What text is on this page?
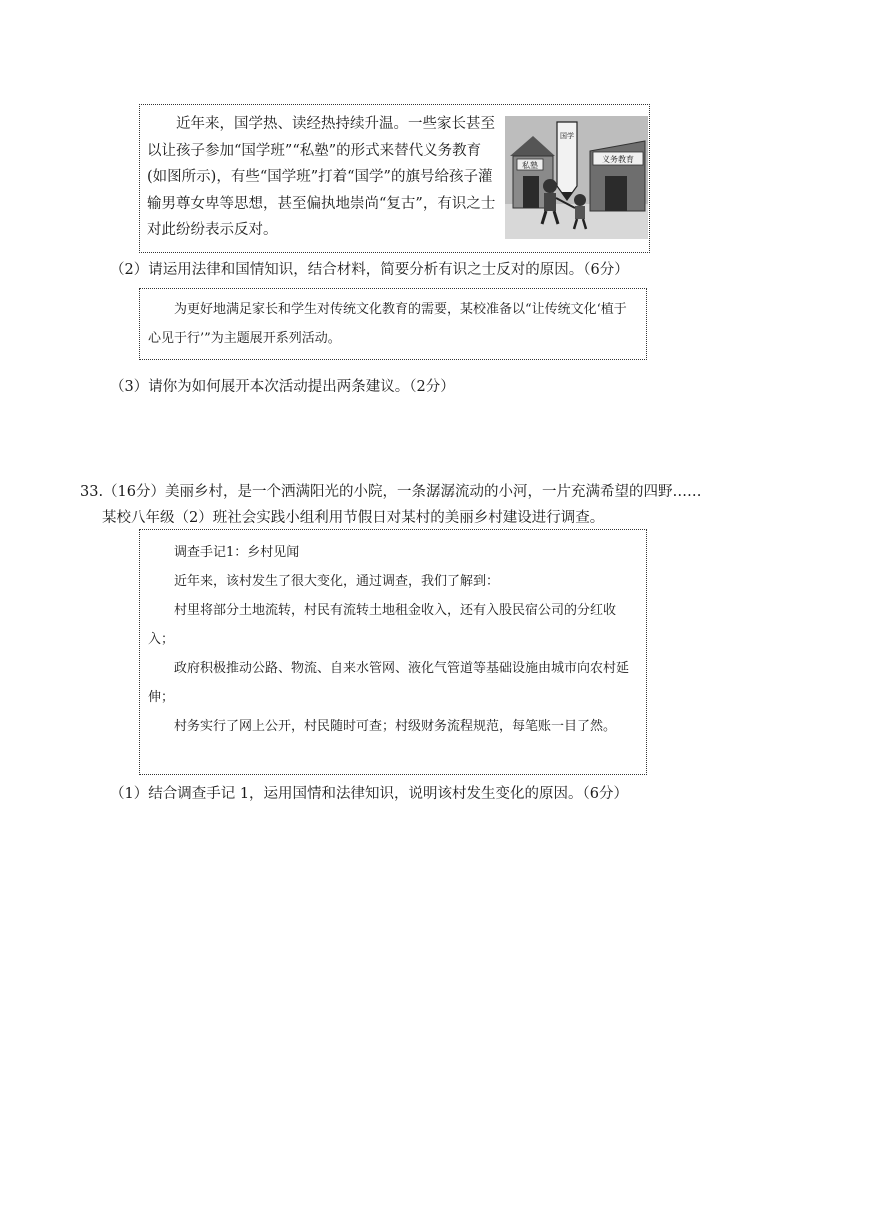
近年来，国学热、读经热持续升温。一些家长甚至以让孩子参加“国学班”“私塾”的形式来替代义务教育(如图所示)，有些“国学班”打着“国学”的旗号给孩子灌输男尊女卑等思想，甚至偏执地崇尚“复古”，有识之士对此纷纷表示反对。
私塾
义务教育
国学
（2）请运用法律和国情知识，结合材料，简要分析有识之士反对的原因。（6分）
为更好地满足家长和学生对传统文化教育的需要，某校准备以“让传统文化‘植于心见于行’”为主题展开系列活动。
（3）请你为如何展开本次活动提出两条建议。（2分）
33.（16分）美丽乡村，是一个洒满阳光的小院，一条潺潺流动的小河，一片充满希望的四野……
某校八年级（2）班社会实践小组利用节假日对某村的美丽乡村建设进行调查。
调查手记1：乡村见闻
近年来，该村发生了很大变化，通过调查，我们了解到：
村里将部分土地流转，村民有流转土地租金收入，还有入股民宿公司的分红收入；
政府积极推动公路、物流、自来水管网、液化气管道等基础设施由城市向农村延伸；
村务实行了网上公开，村民随时可查；村级财务流程规范，每笔账一目了然。
（1）结合调查手记 1，运用国情和法律知识，说明该村发生变化的原因。（6分）
